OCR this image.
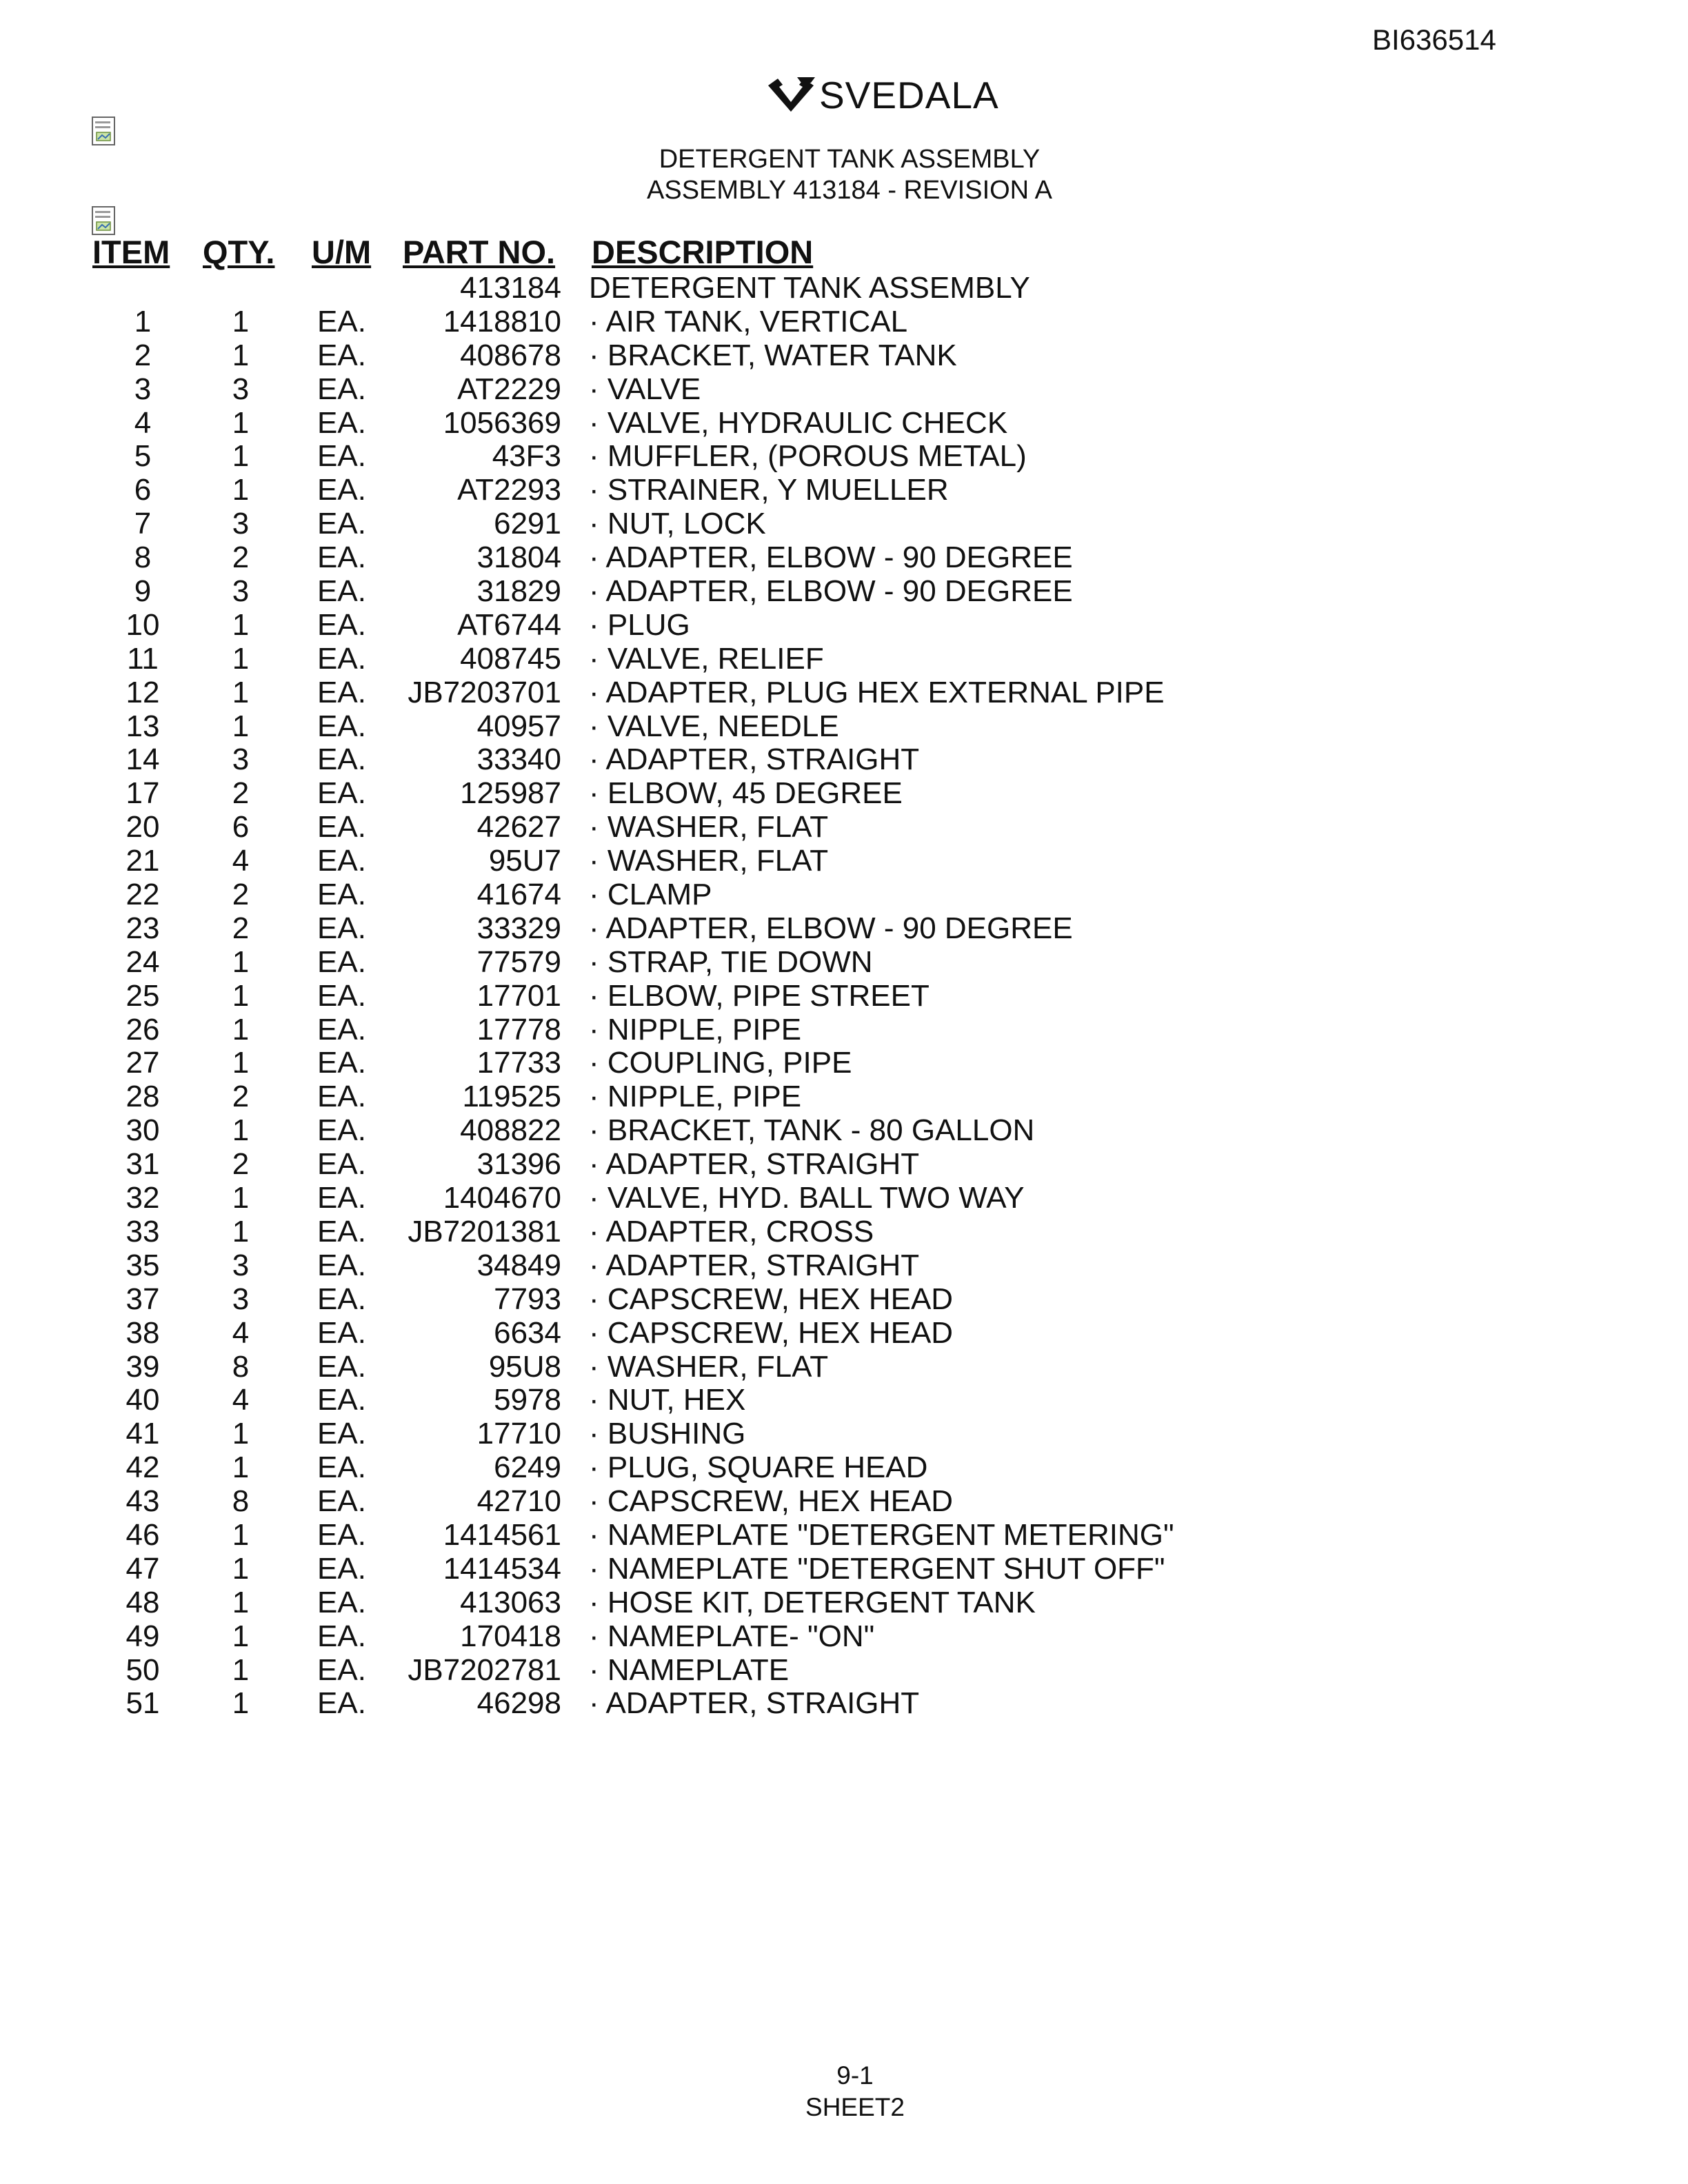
BI636514
SVEDALA
DETERGENT TANK ASSEMBLY
ASSEMBLY 413184 - REVISION A
ITEM QTY. U/M PART NO. DESCRIPTION
413184 DETERGENT TANK ASSEMBLY
1	1	EA.	1418810 · AIR TANK, VERTICAL
2	1	EA.	408678 · BRACKET, WATER TANK
3	3	EA.	AT2229 · VALVE
4	1	EA.	1056369 · VALVE, HYDRAULIC CHECK
5	1	EA.	43F3 · MUFFLER, (POROUS METAL)
6	1	EA.	AT2293 · STRAINER, Y MUELLER
7	3	EA.	6291 · NUT, LOCK
8	2	EA.	31804 · ADAPTER, ELBOW - 90 DEGREE
9	3	EA.	31829 · ADAPTER, ELBOW - 90 DEGREE
10	1	EA.	AT6744 · PLUG
11	1	EA.	408745 · VALVE, RELIEF
12	1	EA.	JB7203701 · ADAPTER, PLUG HEX EXTERNAL PIPE
13	1	EA.	40957 · VALVE, NEEDLE
14	3	EA.	33340 · ADAPTER, STRAIGHT
17	2	EA.	125987 · ELBOW, 45 DEGREE
20	6	EA.	42627 · WASHER, FLAT
21	4	EA.	95U7 · WASHER, FLAT
22	2	EA.	41674 · CLAMP
23	2	EA.	33329 · ADAPTER, ELBOW - 90 DEGREE
24	1	EA.	77579 · STRAP, TIE DOWN
25	1	EA.	17701 · ELBOW, PIPE STREET
26	1	EA.	17778 · NIPPLE, PIPE
27	1	EA.	17733 · COUPLING, PIPE
28	2	EA.	119525 · NIPPLE, PIPE
30	1	EA.	408822 · BRACKET, TANK - 80 GALLON
31	2	EA.	31396 · ADAPTER, STRAIGHT
32	1	EA.	1404670 · VALVE, HYD. BALL TWO WAY
33	1	EA.	JB7201381 · ADAPTER, CROSS
35	3	EA.	34849 · ADAPTER, STRAIGHT
37	3	EA.	7793 · CAPSCREW, HEX HEAD
38	4	EA.	6634 · CAPSCREW, HEX HEAD
39	8	EA.	95U8 · WASHER, FLAT
40	4	EA.	5978 · NUT, HEX
41	1	EA.	17710 · BUSHING
42	1	EA.	6249 · PLUG, SQUARE HEAD
43	8	EA.	42710 · CAPSCREW, HEX HEAD
46	1	EA.	1414561 · NAMEPLATE "DETERGENT METERING"
47	1	EA.	1414534 · NAMEPLATE "DETERGENT SHUT OFF"
48	1	EA.	413063 · HOSE KIT, DETERGENT TANK
49	1	EA.	170418 · NAMEPLATE- "ON"
50	1	EA.	JB7202781 · NAMEPLATE
51	1	EA.	46298 · ADAPTER, STRAIGHT
9-1
SHEET2
